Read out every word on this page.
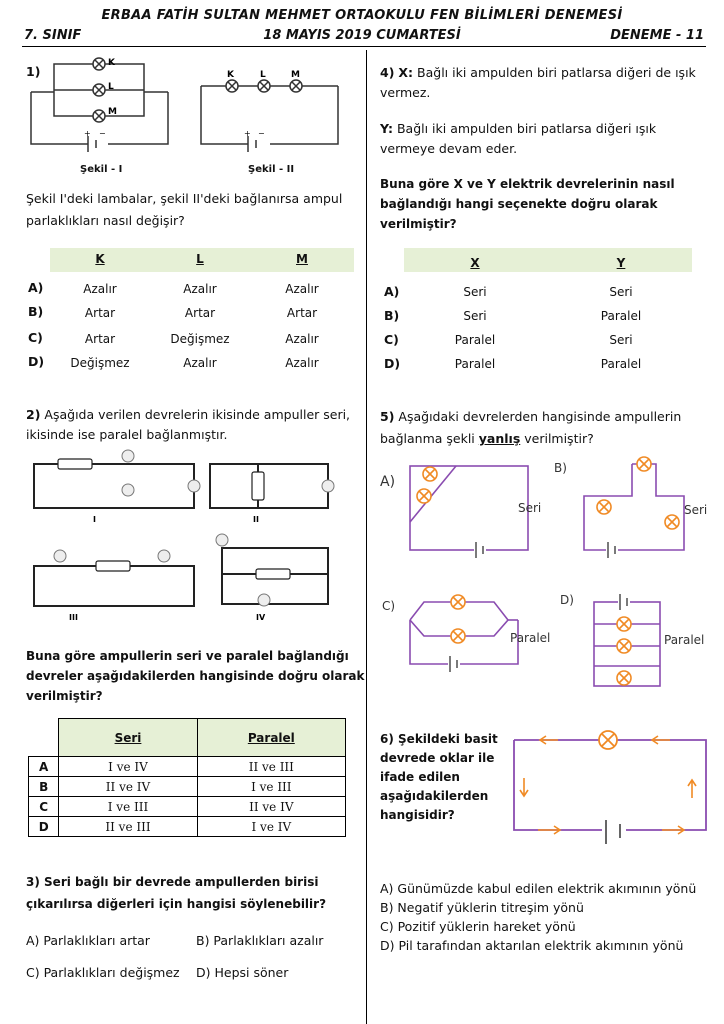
ERBAA FATİH SULTAN MEHMET ORTAOKULU FEN BİLİMLERİ DENEMESİ
7. SINIF	18 MAYIS 2019 CUMARTESİ	DENEME - 11
1)
K
L
M
+ −
Şekil - I
K	L	M
+ −
Şekil - II
Şekil I'deki lambalar, şekil II'deki bağlanırsa ampul
parlaklıkları nasıl değişir?
K	L	M
A)	Azalır	Azalır	Azalır
B)	Artar	Artar	Artar
C)	Artar	Değişmez	Azalır
D)	Değişmez	Azalır	Azalır
2) Aşağıda verilen devrelerin ikisinde ampuller seri,
ikisinde ise paralel bağlanmıştır.
I	II
III	IV
Buna göre ampullerin seri ve paralel bağlandığı
devreler aşağıdakilerden hangisinde doğru olarak
verilmiştir?
	Seri	Paralel
A	I ve IV	II ve III
B	II ve IV	I ve III
C	I ve III	II ve IV
D	II ve III	I ve IV
3) Seri bağlı bir devrede ampullerden birisi
çıkarılırsa diğerleri için hangisi söylenebilir?
A) Parlaklıkları artar	B) Parlaklıkları azalır
C) Parlaklıkları değişmez D) Hepsi söner
4) X: Bağlı iki ampulden biri patlarsa diğeri de ışık
vermez.
Y: Bağlı iki ampulden biri patlarsa diğeri ışık
vermeye devam eder.
Buna göre X ve Y elektrik devrelerinin nasıl
bağlandığı hangi seçenekte doğru olarak
verilmiştir?
X	Y
A)	Seri	Seri
B)	Seri	Paralel
C)	Paralel	Seri
D)	Paralel	Paralel
5) Aşağıdaki devrelerden hangisinde ampullerin
bağlanma şekli yanlış verilmiştir?
A)
B)
C)	D)
Seri	Seri
Paralel	Paralel
6) Şekildeki basit
devrede oklar ile
ifade edilen
aşağıdakilerden
hangisidir?
A) Günümüzde kabul edilen elektrik akımının yönü
B) Negatif yüklerin titreşim yönü
C) Pozitif yüklerin hareket yönü
D) Pil tarafından aktarılan elektrik akımının yönü
